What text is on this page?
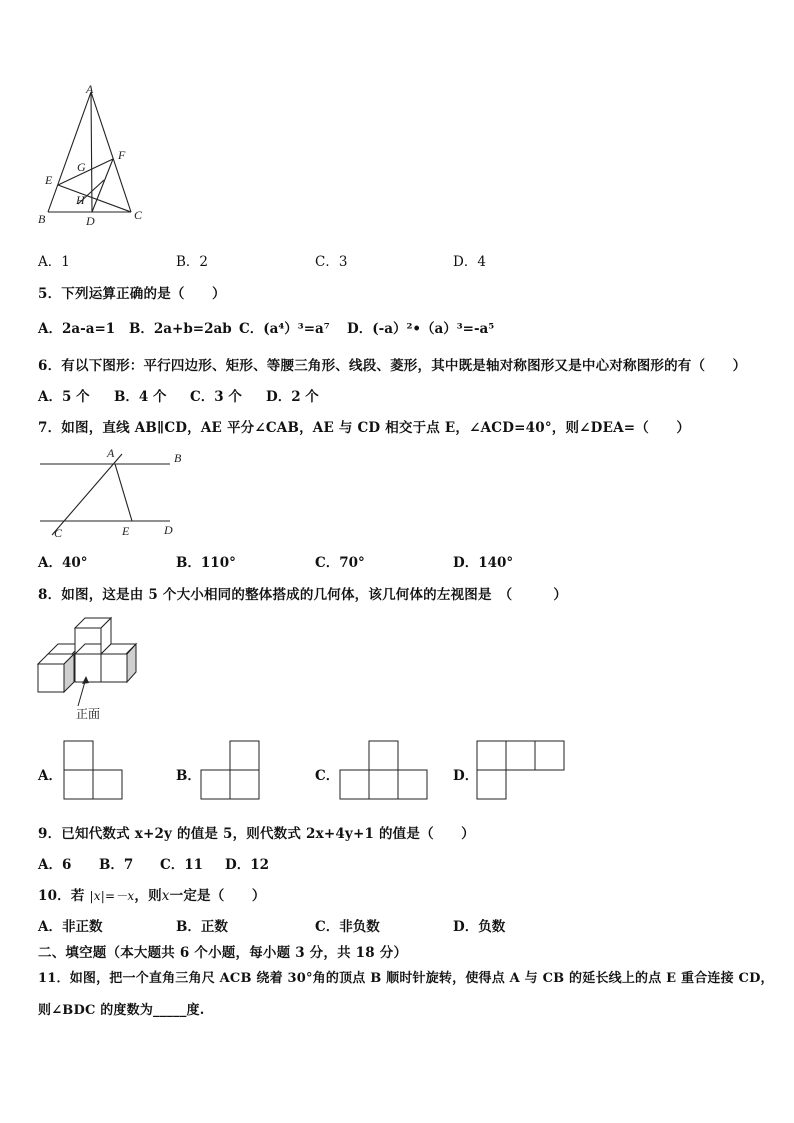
A
F
G
E
H
B	D	C
A．1	B．2	C．3	D．4
5．下列运算正确的是（　　）
A．2a-a=1 B．2a+b=2ab C．(a⁴）³=a⁷ D．(-a）²•（a）³=-a⁵
6．有以下图形：平行四边形、矩形、等腰三角形、线段、菱形，其中既是轴对称图形又是中心对称图形的有（　　）
A．5 个 B．4 个 C．3 个 D．2 个
7．如图，直线 AB∥CD，AE 平分∠CAB，AE 与 CD 相交于点 E，∠ACD=40°，则∠DEA=（　　）
A	B
C	E	D
A．40°	B．110°	C．70°	D．140°
8．如图，这是由 5 个大小相同的整体搭成的几何体，该几何体的左视图是　（　　　）
正面
A．	B．	C．	D．
9．已知代数式 x+2y 的值是 5，则代数式 2x+4y+1 的值是（　　）
A．6 B．7 C．11 D．12
10．若 |x|=－x，则x一定是（　　）
A．非正数	B．正数	C．非负数	D．负数
二、填空题（本大题共 6 个小题，每小题 3 分，共 18 分）
11．如图，把一个直角三角尺 ACB 绕着 30°角的顶点 B 顺时针旋转，使得点 A 与 CB 的延长线上的点 E 重合连接 CD，
则∠BDC 的度数为_____度.
